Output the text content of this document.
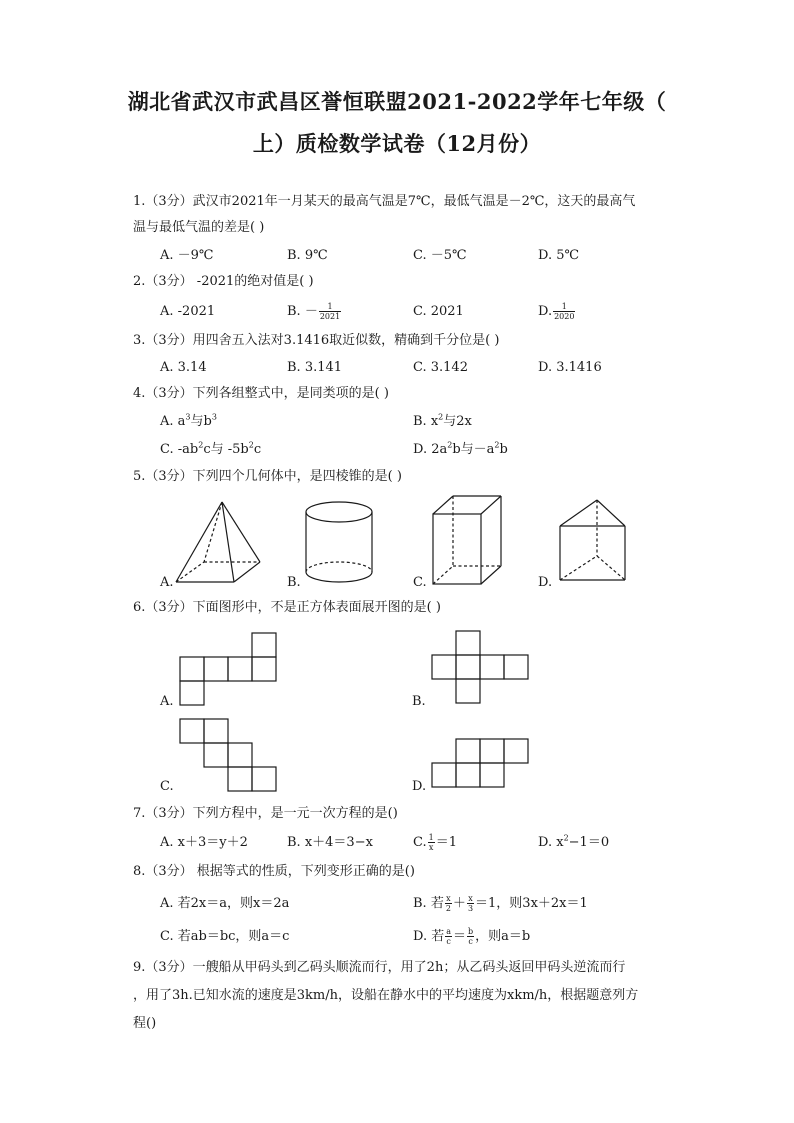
湖北省武汉市武昌区誉恒联盟2021-2022学年七年级（
上）质检数学试卷（12月份）
1.（3分）武汉市2021年一月某天的最高气温是7℃，最低气温是－2℃，这天的最高气
温与最低气温的差是( )
A. －9℃	B. 9℃	C. －5℃	D. 5℃
2.（3分） -2021的绝对值是( )
A. -2021	B. － $\frac{1}{2021}$	C. 2021	D. $\frac{1}{2020}$
3.（3分）用四舍五入法对3.1416取近似数，精确到千分位是( )
A. 3.14	B. 3.141	C. 3.142	D. 3.1416
4.（3分）下列各组整式中，是同类项的是( )
A. $a^3$与$b^3$	B. $x^2$与2x
C. $-ab^2c$与 $-5b^2c$	D. $2a^2b$与$-a^2b$
5.（3分）下列四个几何体中，是四棱锥的是( )
A.	B.	C.	D.
6.（3分）下面图形中，不是正方体表面展开图的是( )
A.	B.
C.	D.
7.（3分）下列方程中，是一元一次方程的是()
A. x＋3＝y＋2	B. x＋4＝3−x	C. $\frac{1}{x} =1$	D. $x^2-1=0$
8.（3分） 根据等式的性质，下列变形正确的是()
A. 若2x＝a，则x＝2a	B. 若 $\frac{x}{2} + \frac{x}{3} =1$，则3x＋2x＝1
C. 若ab＝bc，则a＝c	D. 若 $\frac{a}{c} = \frac{b}{c}$ ，则a＝b
9.（3分）一艘船从甲码头到乙码头顺流而行，用了2h；从乙码头返回甲码头逆流而行
，用了3h.已知水流的速度是3km/h，设船在静水中的平均速度为xkm/h，根据题意列方
程()
